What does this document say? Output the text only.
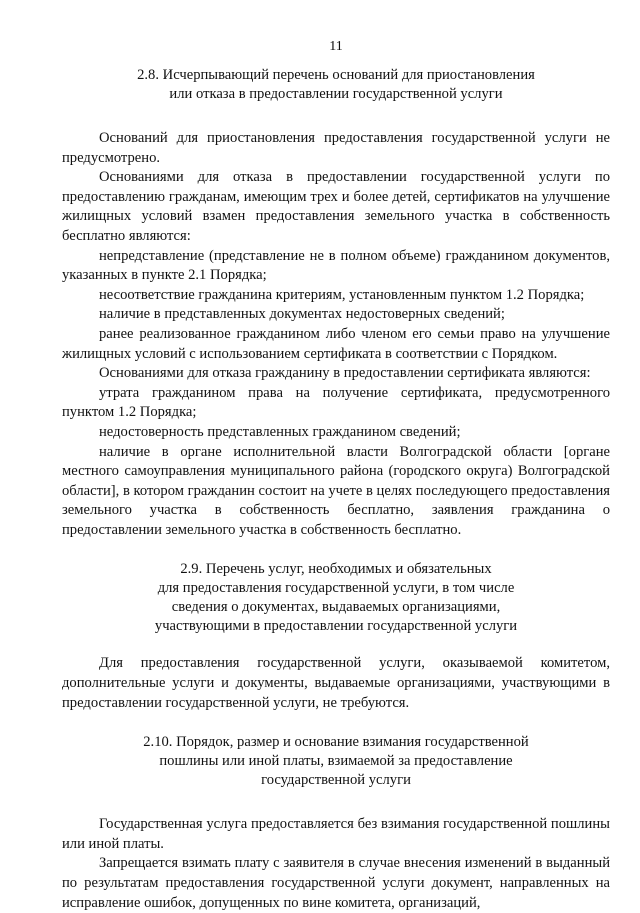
11
2.8. Исчерпывающий перечень оснований для приостановления
или отказа в предоставлении государственной услуги

Оснований для приостановления предоставления государственной услуги не предусмотрено.

Основаниями для отказа в предоставлении государственной услуги по предоставлению гражданам, имеющим трех и более детей, сертификатов на улучшение жилищных условий взамен предоставления земельного участка в собственность бесплатно являются:

непредставление (представление не в полном объеме) гражданином документов, указанных в пункте 2.1 Порядка;

несоответствие гражданина критериям, установленным пунктом 1.2 Порядка;

наличие в представленных документах недостоверных сведений;

ранее реализованное гражданином либо членом его семьи право на улучшение жилищных условий с использованием сертификата в соответствии с Порядком.

Основаниями для отказа гражданину в предоставлении сертификата являются:

утрата гражданином права на получение сертификата, предусмотренного пунктом 1.2 Порядка;

недостоверность представленных гражданином сведений;

наличие в органе исполнительной власти Волгоградской области [органе местного самоуправления муниципального района (городского округа) Волгоградской области], в котором гражданин состоит на учете в целях последующего предоставления земельного участка в собственность бесплатно, заявления гражданина о предоставлении земельного участка в собственность бесплатно.

2.9. Перечень услуг, необходимых и обязательных
для предоставления государственной услуги, в том числе
сведения о документах, выдаваемых организациями,
участвующими в предоставлении государственной услуги

Для предоставления государственной услуги, оказываемой комитетом, дополнительные услуги и документы, выдаваемые организациями, участвующими в предоставлении государственной услуги, не требуются.

2.10. Порядок, размер и основание взимания государственной
пошлины или иной платы, взимаемой за предоставление
государственной услуги

Государственная услуга предоставляется без взимания государственной пошлины или иной платы.

Запрещается взимать плату с заявителя в случае внесения изменений в выданный по результатам предоставления государственной услуги документ, направленных на исправление ошибок, допущенных по вине комитета, организаций,
